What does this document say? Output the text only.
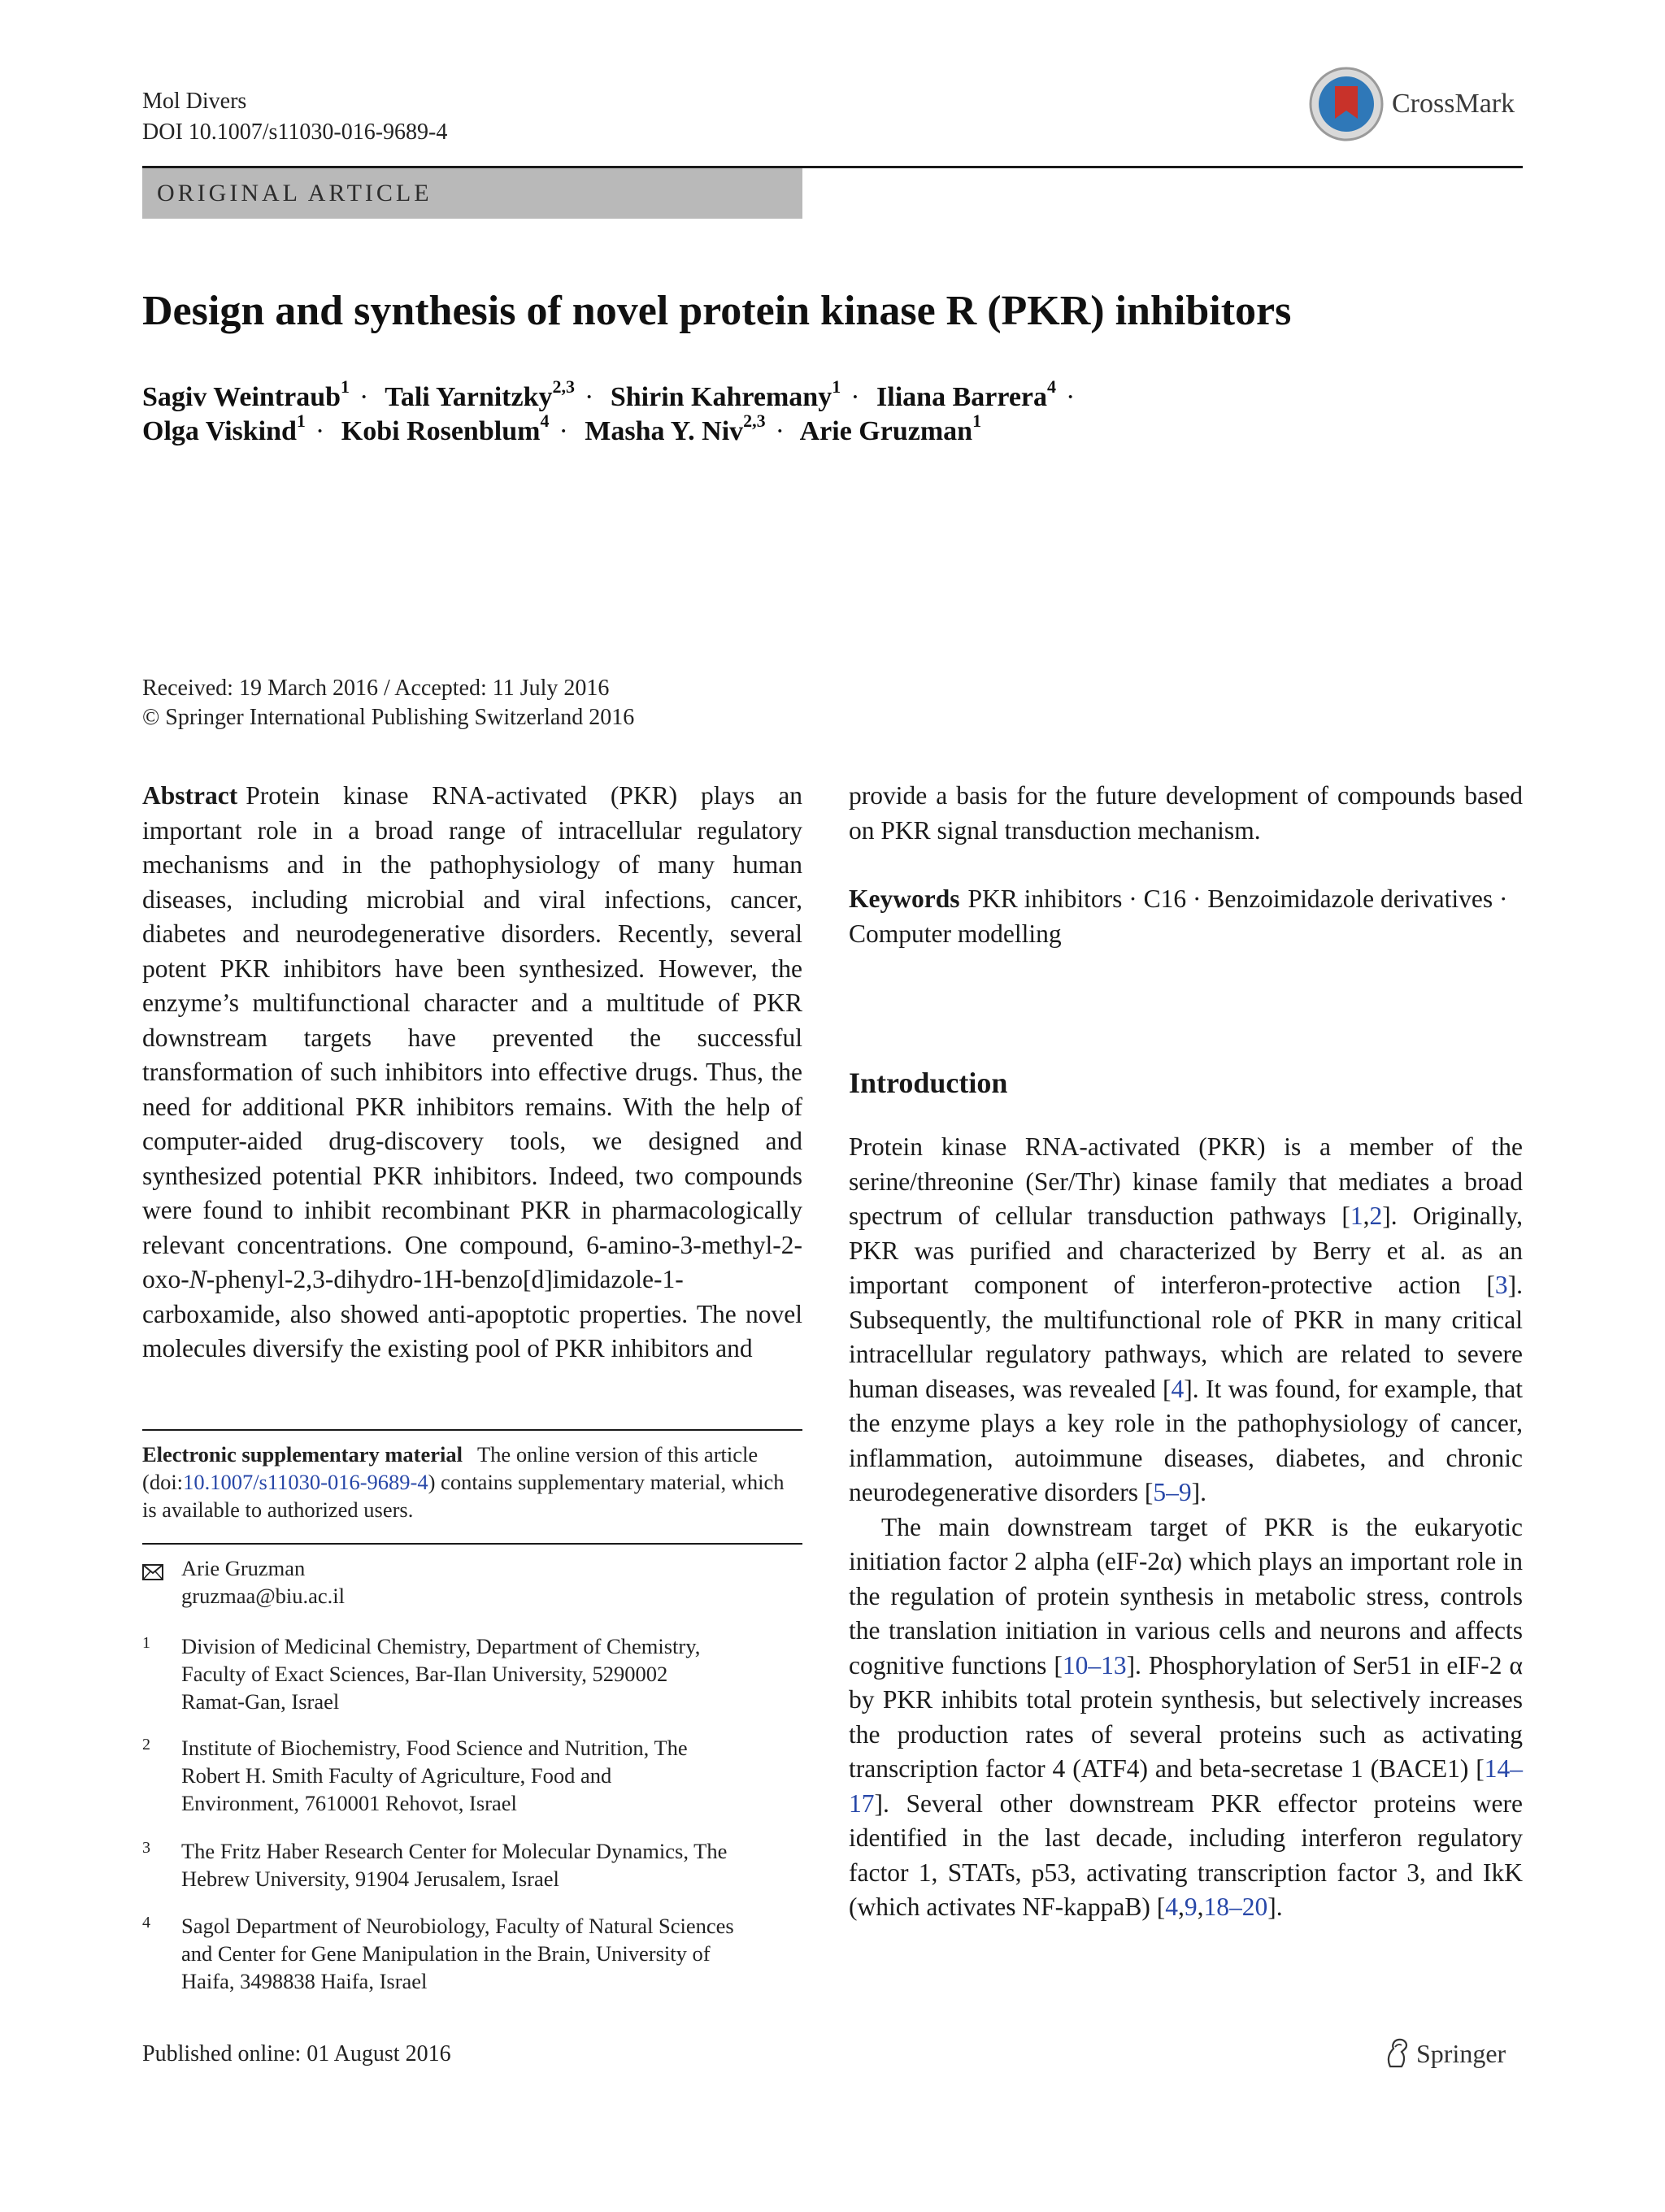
Mol Divers
DOI 10.1007/s11030-016-9689-4
CrossMark
ORIGINAL ARTICLE
Design and synthesis of novel protein kinase R (PKR) inhibitors
Sagiv Weintraub$^1$ · Tali Yarnitzky$^{2,3}$ · Shirin Kahremany$^1$ · Iliana Barrera$^4$ ·
Olga Viskind$^1$ · Kobi Rosenblum$^4$ · Masha Y. Niv$^{2,3}$ · Arie Gruzman$^1$
Received: 19 March 2016 / Accepted: 11 July 2016
© Springer International Publishing Switzerland 2016

Abstract Protein kinase RNA-activated (PKR) plays an important role in a broad range of intracellular regulatory mechanisms and in the pathophysiology of many human diseases, including microbial and viral infections, cancer, diabetes and neurodegenerative disorders. Recently, several potent PKR inhibitors have been synthesized. However, the enzyme’s multifunctional character and a multitude of PKR downstream targets have prevented the successful transformation of such inhibitors into effective drugs. Thus, the need for additional PKR inhibitors remains. With the help of computer-aided drug-discovery tools, we designed and synthesized potential PKR inhibitors. Indeed, two compounds were found to inhibit recombinant PKR in pharmacologically relevant concentrations. One compound, 6-amino-3-methyl-2-oxo-N-phenyl-2,3-dihydro-1H-benzo[d]imidazole-1-carboxamide, also showed anti-apoptotic properties. The novel molecules diversify the existing pool of PKR inhibitors and

provide a basis for the future development of compounds based on PKR signal transduction mechanism.

Keywords PKR inhibitors · C16 · Benzoimidazole derivatives · Computer modelling

Introduction

Protein kinase RNA-activated (PKR) is a member of the serine/threonine (Ser/Thr) kinase family that mediates a broad spectrum of cellular transduction pathways [1,2]. Originally, PKR was purified and characterized by Berry et al. as an important component of interferon-protective action [3]. Subsequently, the multifunctional role of PKR in many critical intracellular regulatory pathways, which are related to severe human diseases, was revealed [4]. It was found, for example, that the enzyme plays a key role in the pathophysiology of cancer, inflammation, autoimmune diseases, diabetes, and chronic neurodegenerative disorders [5–9].

The main downstream target of PKR is the eukaryotic initiation factor 2 alpha (eIF-2α) which plays an important role in the regulation of protein synthesis in metabolic stress, controls the translation initiation in various cells and neurons and affects cognitive functions [10–13]. Phosphorylation of Ser51 in eIF-2 α by PKR inhibits total protein synthesis, but selectively increases the production rates of several proteins such as activating transcription factor 4 (ATF4) and beta-secretase 1 (BACE1) [14–17]. Several other downstream PKR effector proteins were identified in the last decade, including interferon regulatory factor 1, STATs, p53, activating transcription factor 3, and IkK (which activates NF-kappaB) [4,9,18–20].

Electronic supplementary material The online version of this article (doi:10.1007/s11030-016-9689-4) contains supplementary material, which is available to authorized users.
Arie Gruzman
gruzmaa@biu.ac.il
1	Division of Medicinal Chemistry, Department of Chemistry, Faculty of Exact Sciences, Bar-Ilan University, 5290002 Ramat-Gan, Israel
2	Institute of Biochemistry, Food Science and Nutrition, The Robert H. Smith Faculty of Agriculture, Food and Environment, 7610001 Rehovot, Israel
3	The Fritz Haber Research Center for Molecular Dynamics, The Hebrew University, 91904 Jerusalem, Israel
4	Sagol Department of Neurobiology, Faculty of Natural Sciences and Center for Gene Manipulation in the Brain, University of Haifa, 3498838 Haifa, Israel
Published online: 01 August 2016	Springer
